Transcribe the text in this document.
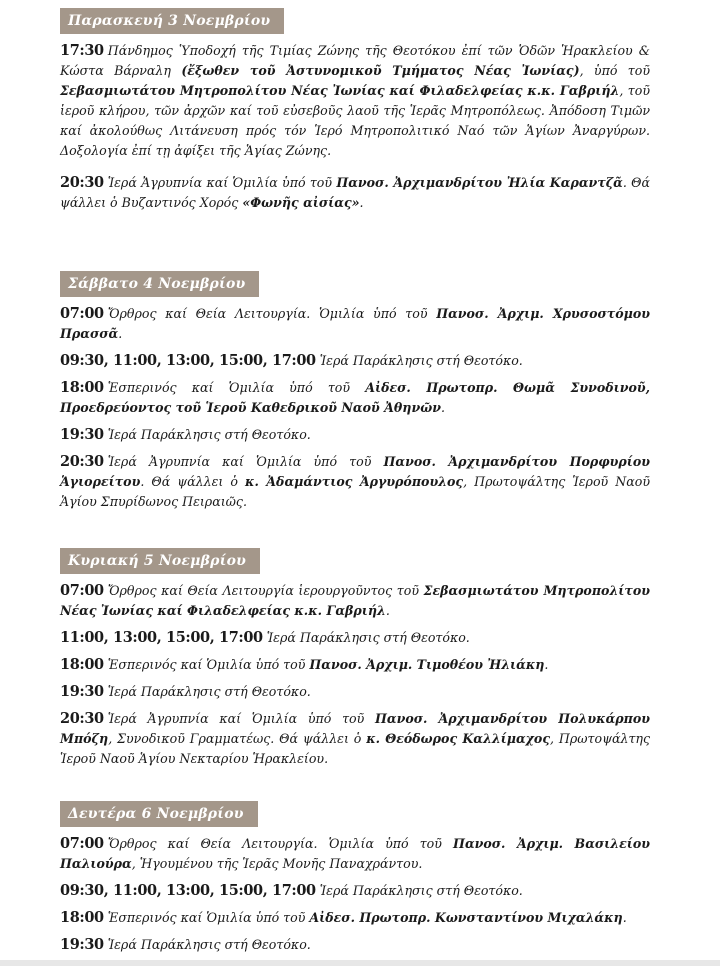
Παρασκευή 3 Νοεμβρίου
17:30 Πάνδημος Ὑποδοχή τῆς Τιμίας Ζώνης τῆς Θεοτόκου ἐπί τῶν Ὁδῶν Ἡρακλείου & Κώστα Βάρναλη (ἔξωθεν τοῦ Ἀστυνομικοῦ Τμήματος Νέας Ἰωνίας), ὑπό τοῦ Σεβασμιωτάτου Μητροπολίτου Νέας Ἰωνίας καί Φιλαδελφείας κ.κ. Γαβριήλ, τοῦ ἱεροῦ κλήρου, τῶν ἀρχῶν καί τοῦ εὐσεβοῦς λαοῦ τῆς Ἱερᾶς Μητροπόλεως. Ἀπόδοση Τιμῶν καί ἀκολούθως Λιτάνευση πρός τόν Ἱερό Μητροπολιτικό Ναό τῶν Ἁγίων Ἀναργύρων. Δοξολογία ἐπί τῃ ἀφίξει τῆς Ἁγίας Ζώνης.
20:30 Ἱερά Ἀγρυπνία καί Ὁμιλία ὑπό τοῦ Πανοσ. Ἀρχιμανδρίτου Ἠλία Καραντζᾶ. Θά ψάλλει ὁ Βυζαντινός Χορός «Φωνῆς αἰσίας».
Σάββατο 4 Νοεμβρίου
07:00 Ὄρθρος καί Θεία Λειτουργία. Ὁμιλία ὑπό τοῦ Πανοσ. Ἀρχιμ. Χρυσοστόμου Πρασσᾶ.
09:30, 11:00, 13:00, 15:00, 17:00 Ἱερά Παράκλησις στή Θεοτόκο.
18:00 Ἑσπερινός καί Ὁμιλία ὑπό τοῦ Αἰδεσ. Πρωτοπρ. Θωμᾶ Συνοδινοῦ, Προεδρεύοντος τοῦ Ἱεροῦ Καθεδρικοῦ Ναοῦ Ἀθηνῶν.
19:30 Ἱερά Παράκλησις στή Θεοτόκο.
20:30 Ἱερά Ἀγρυπνία καί Ὁμιλία ὑπό τοῦ Πανοσ. Ἀρχιμανδρίτου Πορφυρίου Ἁγιορείτου. Θά ψάλλει ὁ κ. Ἀδαμάντιος Ἀργυρόπουλος, Πρωτοψάλτης Ἱεροῦ Ναοῦ Ἁγίου Σπυρίδωνος Πειραιῶς.
Κυριακή 5 Νοεμβρίου
07:00 Ὄρθρος καί Θεία Λειτουργία ἱερουργοῦντος τοῦ Σεβασμιωτάτου Μητροπολίτου Νέας Ἰωνίας καί Φιλαδελφείας κ.κ. Γαβριήλ.
11:00, 13:00, 15:00, 17:00 Ἱερά Παράκλησις στή Θεοτόκο.
18:00 Ἑσπερινός καί Ὁμιλία ὑπό τοῦ Πανοσ. Ἀρχιμ. Τιμοθέου Ἠλιάκη.
19:30 Ἱερά Παράκλησις στή Θεοτόκο.
20:30 Ἱερά Ἀγρυπνία καί Ὁμιλία ὑπό τοῦ Πανοσ. Ἀρχιμανδρίτου Πολυκάρπου Μπόζη, Συνοδικοῦ Γραμματέως. Θά ψάλλει ὁ κ. Θεόδωρος Καλλίμαχος, Πρωτοψάλτης Ἱεροῦ Ναοῦ Ἁγίου Νεκταρίου Ἡρακλείου.
Δευτέρα 6 Νοεμβρίου
07:00 Ὄρθρος καί Θεία Λειτουργία. Ὁμιλία ὑπό τοῦ Πανοσ. Ἀρχιμ. Βασιλείου Παλιούρα, Ἡγουμένου τῆς Ἱερᾶς Μονῆς Παναχράντου.
09:30, 11:00, 13:00, 15:00, 17:00 Ἱερά Παράκλησις στή Θεοτόκο.
18:00 Ἑσπερινός καί Ὁμιλία ὑπό τοῦ Αἰδεσ. Πρωτοπρ. Κωνσταντίνου Μιχαλάκη.
19:30 Ἱερά Παράκλησις στή Θεοτόκο.
